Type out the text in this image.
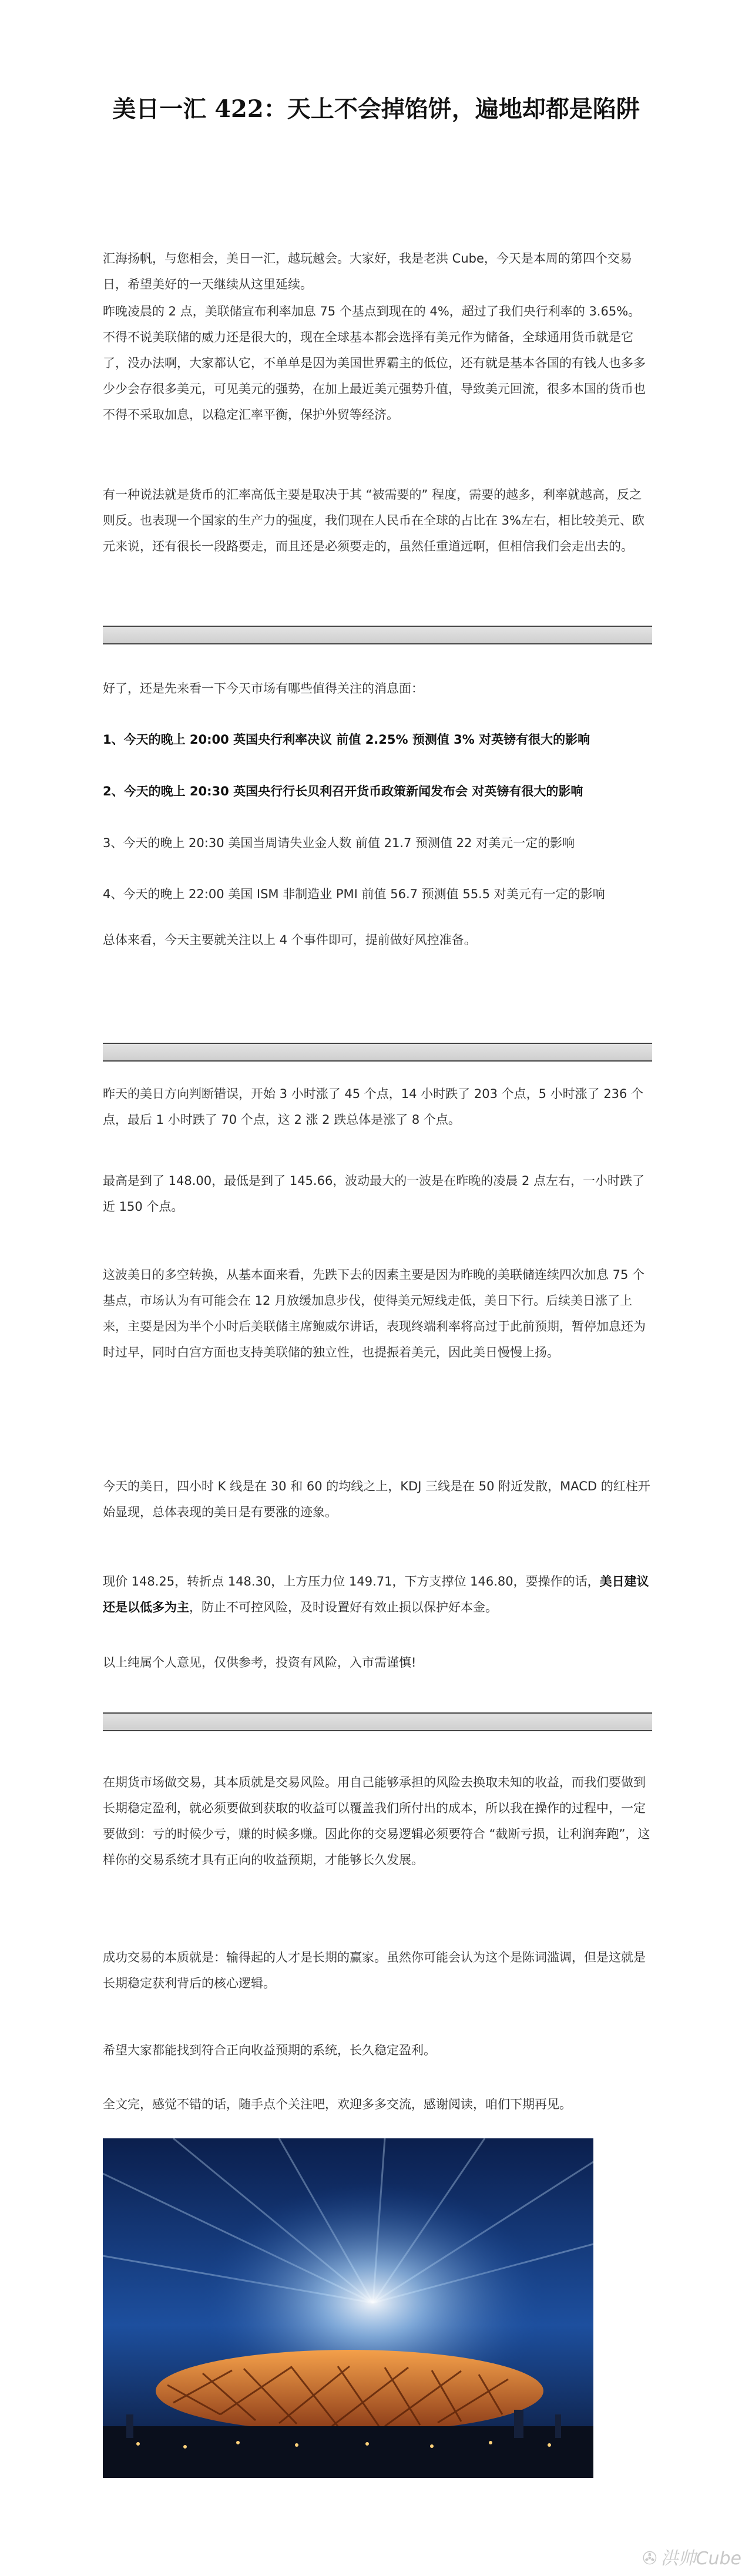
美日一汇 422：天上不会掉馅饼，遍地却都是陷阱

汇海扬帆，与您相会，美日一汇，越玩越会。大家好，我是老洪 Cube，今天是本周的第四个交易日，希望美好的一天继续从这里延续。

昨晚凌晨的 2 点，美联储宣布利率加息 75 个基点到现在的 4%，超过了我们央行利率的 3.65%。不得不说美联储的威力还是很大的，现在全球基本都会选择有美元作为储备，全球通用货币就是它了，没办法啊，大家都认它，不单单是因为美国世界霸主的低位，还有就是基本各国的有钱人也多多少少会存很多美元，可见美元的强势，在加上最近美元强势升值，导致美元回流，很多本国的货币也不得不采取加息，以稳定汇率平衡，保护外贸等经济。

有一种说法就是货币的汇率高低主要是取决于其 “被需要的” 程度，需要的越多，利率就越高，反之则反。也表现一个国家的生产力的强度，我们现在人民币在全球的占比在 3%左右，相比较美元、欧元来说，还有很长一段路要走，而且还是必须要走的，虽然任重道远啊，但相信我们会走出去的。

好了，还是先来看一下今天市场有哪些值得关注的消息面：

1、今天的晚上 20:00 英国央行利率决议 前值 2.25% 预测值 3% 对英镑有很大的影响

2、今天的晚上 20:30 英国央行行长贝利召开货币政策新闻发布会 对英镑有很大的影响

3、今天的晚上 20:30 美国当周请失业金人数 前值 21.7 预测值 22 对美元一定的影响

4、今天的晚上 22:00 美国 ISM 非制造业 PMI 前值 56.7 预测值 55.5 对美元有一定的影响

总体来看，今天主要就关注以上 4 个事件即可，提前做好风控准备。

昨天的美日方向判断错误，开始 3 小时涨了 45 个点，14 小时跌了 203 个点，5 小时涨了 236 个点，最后 1 小时跌了 70 个点，这 2 涨 2 跌总体是涨了 8 个点。

最高是到了 148.00，最低是到了 145.66，波动最大的一波是在昨晚的凌晨 2 点左右，一小时跌了近 150 个点。

这波美日的多空转换，从基本面来看，先跌下去的因素主要是因为昨晚的美联储连续四次加息 75 个基点，市场认为有可能会在 12 月放缓加息步伐，使得美元短线走低，美日下行。后续美日涨了上来，主要是因为半个小时后美联储主席鲍威尔讲话，表现终端利率将高过于此前预期，暂停加息还为时过早，同时白宫方面也支持美联储的独立性，也提振着美元，因此美日慢慢上扬。

今天的美日，四小时 K 线是在 30 和 60 的均线之上，KDJ 三线是在 50 附近发散，MACD 的红柱开始显现，总体表现的美日是有要涨的迹象。

现价 148.25，转折点 148.30，上方压力位 149.71，下方支撑位 146.80，要操作的话，美日建议还是以低多为主，防止不可控风险，及时设置好有效止损以保护好本金。

以上纯属个人意见，仅供参考，投资有风险，入市需谨慎!

在期货市场做交易，其本质就是交易风险。用自己能够承担的风险去换取未知的收益，而我们要做到长期稳定盈利，就必须要做到获取的收益可以覆盖我们所付出的成本，所以我在操作的过程中，一定要做到：亏的时候少亏，赚的时候多赚。因此你的交易逻辑必须要符合 “截断亏损，让利润奔跑”，这样你的交易系统才具有正向的收益预期，才能够长久发展。

成功交易的本质就是：输得起的人才是长期的赢家。虽然你可能会认为这个是陈词滥调，但是这就是长期稳定获利背后的核心逻辑。

希望大家都能找到符合正向收益预期的系统，长久稳定盈利。

全文完，感觉不错的话，随手点个关注吧，欢迎多多交流，感谢阅读，咱们下期再见。

✇ 洪帅Cube
